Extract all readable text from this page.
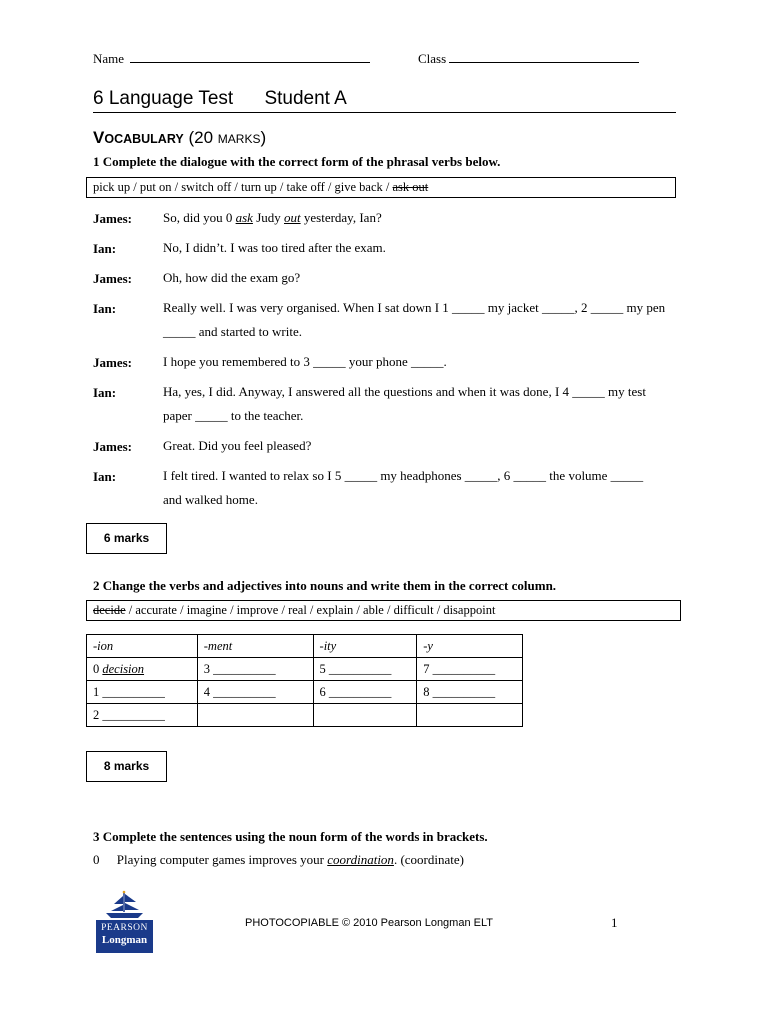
Name	Class
6 Language Test Student A
VOCABULARY (20 MARKS)
1 Complete the dialogue with the correct form of the phrasal verbs below.
pick up / put on / switch off / turn up / take off / give back / ask out
James: So, did you 0 ask Judy out yesterday, Ian?
Ian:	No, I didn’t. I was too tired after the exam.
James: Oh, how did the exam go?
Ian:	Really well. I was very organised. When I sat down I 1 _____ my jacket _____, 2 _____ my pen _____ and started to write.
James: I hope you remembered to 3 _____ your phone _____.
Ian:	Ha, yes, I did. Anyway, I answered all the questions and when it was done, I 4 _____ my test paper _____ to the teacher.
James: Great. Did you feel pleased?
Ian:	I felt tired. I wanted to relax so I 5 _____ my headphones _____, 6 _____ the volume _____ and walked home.
6 marks
2 Change the verbs and adjectives into nouns and write them in the correct column.
decide / accurate / imagine / improve / real / explain / able / difficult / disappoint
-ion	-ment	-ity	-y
0 decision	3 __________	5 __________	7 __________
1 __________	4 __________	6 __________	8 __________
2 __________			
8 marks
3 Complete the sentences using the noun form of the words in brackets.
0 Playing computer games improves your coordination. (coordinate)
PEARSON
Longman
PHOTOCOPIABLE © 2010 Pearson Longman ELT	1
